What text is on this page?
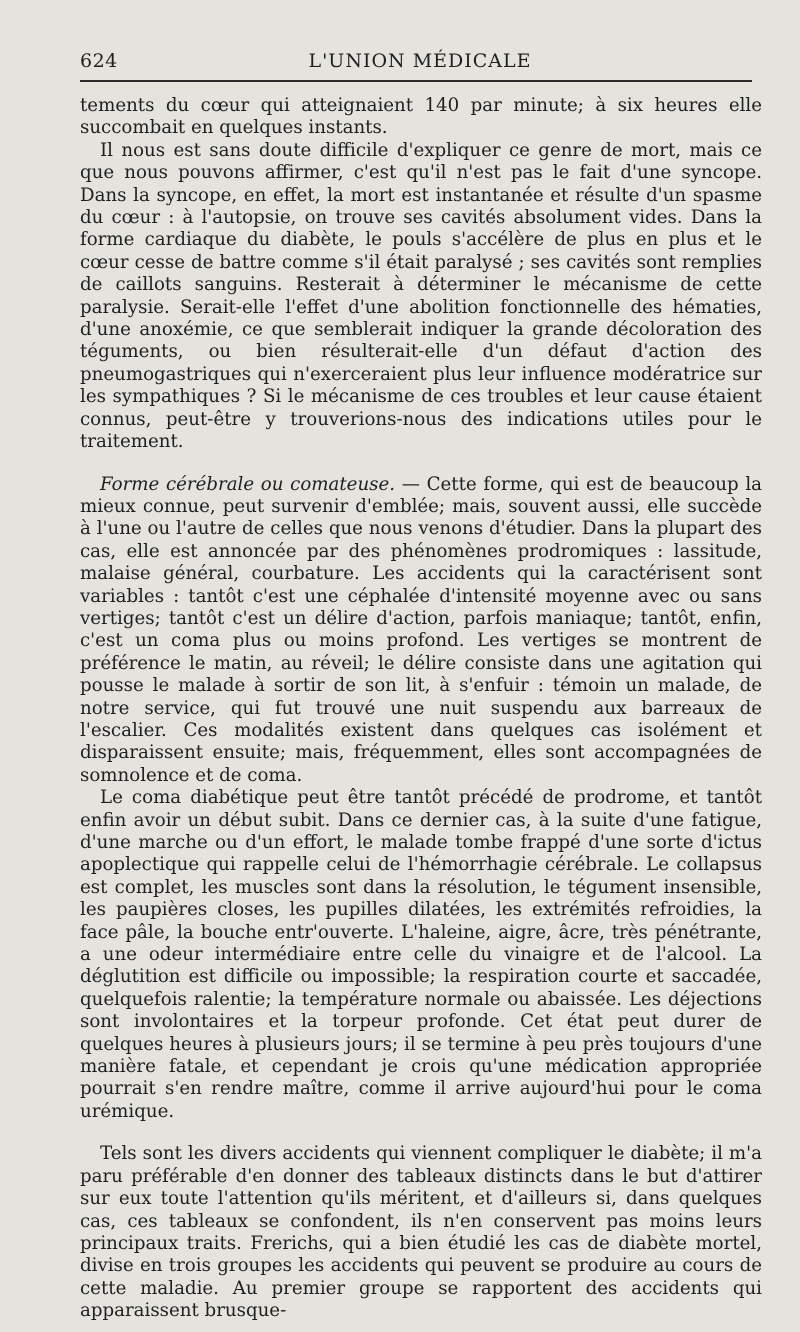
624	L'UNION MÉDICALE

tements du cœur qui atteignaient 140 par minute; à six heures elle succombait en quelques instants.

Il nous est sans doute difficile d'expliquer ce genre de mort, mais ce que nous pouvons affirmer, c'est qu'il n'est pas le fait d'une syncope. Dans la syncope, en effet, la mort est instantanée et résulte d'un spasme du cœur : à l'autopsie, on trouve ses cavités absolument vides. Dans la forme cardiaque du diabète, le pouls s'accélère de plus en plus et le cœur cesse de battre comme s'il était paralysé ; ses cavités sont remplies de caillots sanguins. Resterait à déterminer le mécanisme de cette paralysie. Serait-elle l'effet d'une abolition fonctionnelle des hématies, d'une anoxémie, ce que semblerait indiquer la grande décoloration des téguments, ou bien résulterait-elle d'un défaut d'action des pneumogastriques qui n'exerceraient plus leur influence modératrice sur les sympathiques ? Si le mécanisme de ces troubles et leur cause étaient connus, peut-être y trouverions-nous des indications utiles pour le traitement.

Forme cérébrale ou comateuse. — Cette forme, qui est de beaucoup la mieux connue, peut survenir d'emblée; mais, souvent aussi, elle succède à l'une ou l'autre de celles que nous venons d'étudier. Dans la plupart des cas, elle est annoncée par des phénomènes prodromiques : lassitude, malaise général, courbature. Les accidents qui la caractérisent sont variables : tantôt c'est une céphalée d'intensité moyenne avec ou sans vertiges; tantôt c'est un délire d'action, parfois maniaque; tantôt, enfin, c'est un coma plus ou moins profond. Les vertiges se montrent de préférence le matin, au réveil; le délire consiste dans une agitation qui pousse le malade à sortir de son lit, à s'enfuir : témoin un malade, de notre service, qui fut trouvé une nuit suspendu aux barreaux de l'escalier. Ces modalités existent dans quelques cas isolément et disparaissent ensuite; mais, fréquemment, elles sont accompagnées de somnolence et de coma.

Le coma diabétique peut être tantôt précédé de prodrome, et tantôt enfin avoir un début subit. Dans ce dernier cas, à la suite d'une fatigue, d'une marche ou d'un effort, le malade tombe frappé d'une sorte d'ictus apoplectique qui rappelle celui de l'hémorrhagie cérébrale. Le collapsus est complet, les muscles sont dans la résolution, le tégument insensible, les paupières closes, les pupilles dilatées, les extrémités refroidies, la face pâle, la bouche entr'ouverte. L'haleine, aigre, âcre, très pénétrante, a une odeur intermédiaire entre celle du vinaigre et de l'alcool. La déglutition est difficile ou impossible; la respiration courte et saccadée, quelquefois ralentie; la température normale ou abaissée. Les déjections sont involontaires et la torpeur profonde. Cet état peut durer de quelques heures à plusieurs jours; il se termine à peu près toujours d'une manière fatale, et cependant je crois qu'une médication appropriée pourrait s'en rendre maître, comme il arrive aujourd'hui pour le coma urémique.

Tels sont les divers accidents qui viennent compliquer le diabète; il m'a paru préférable d'en donner des tableaux distincts dans le but d'attirer sur eux toute l'attention qu'ils méritent, et d'ailleurs si, dans quelques cas, ces tableaux se confondent, ils n'en conservent pas moins leurs principaux traits. Frerichs, qui a bien étudié les cas de diabète mortel, divise en trois groupes les accidents qui peuvent se produire au cours de cette maladie. Au premier groupe se rapportent des accidents qui apparaissent brusque-
